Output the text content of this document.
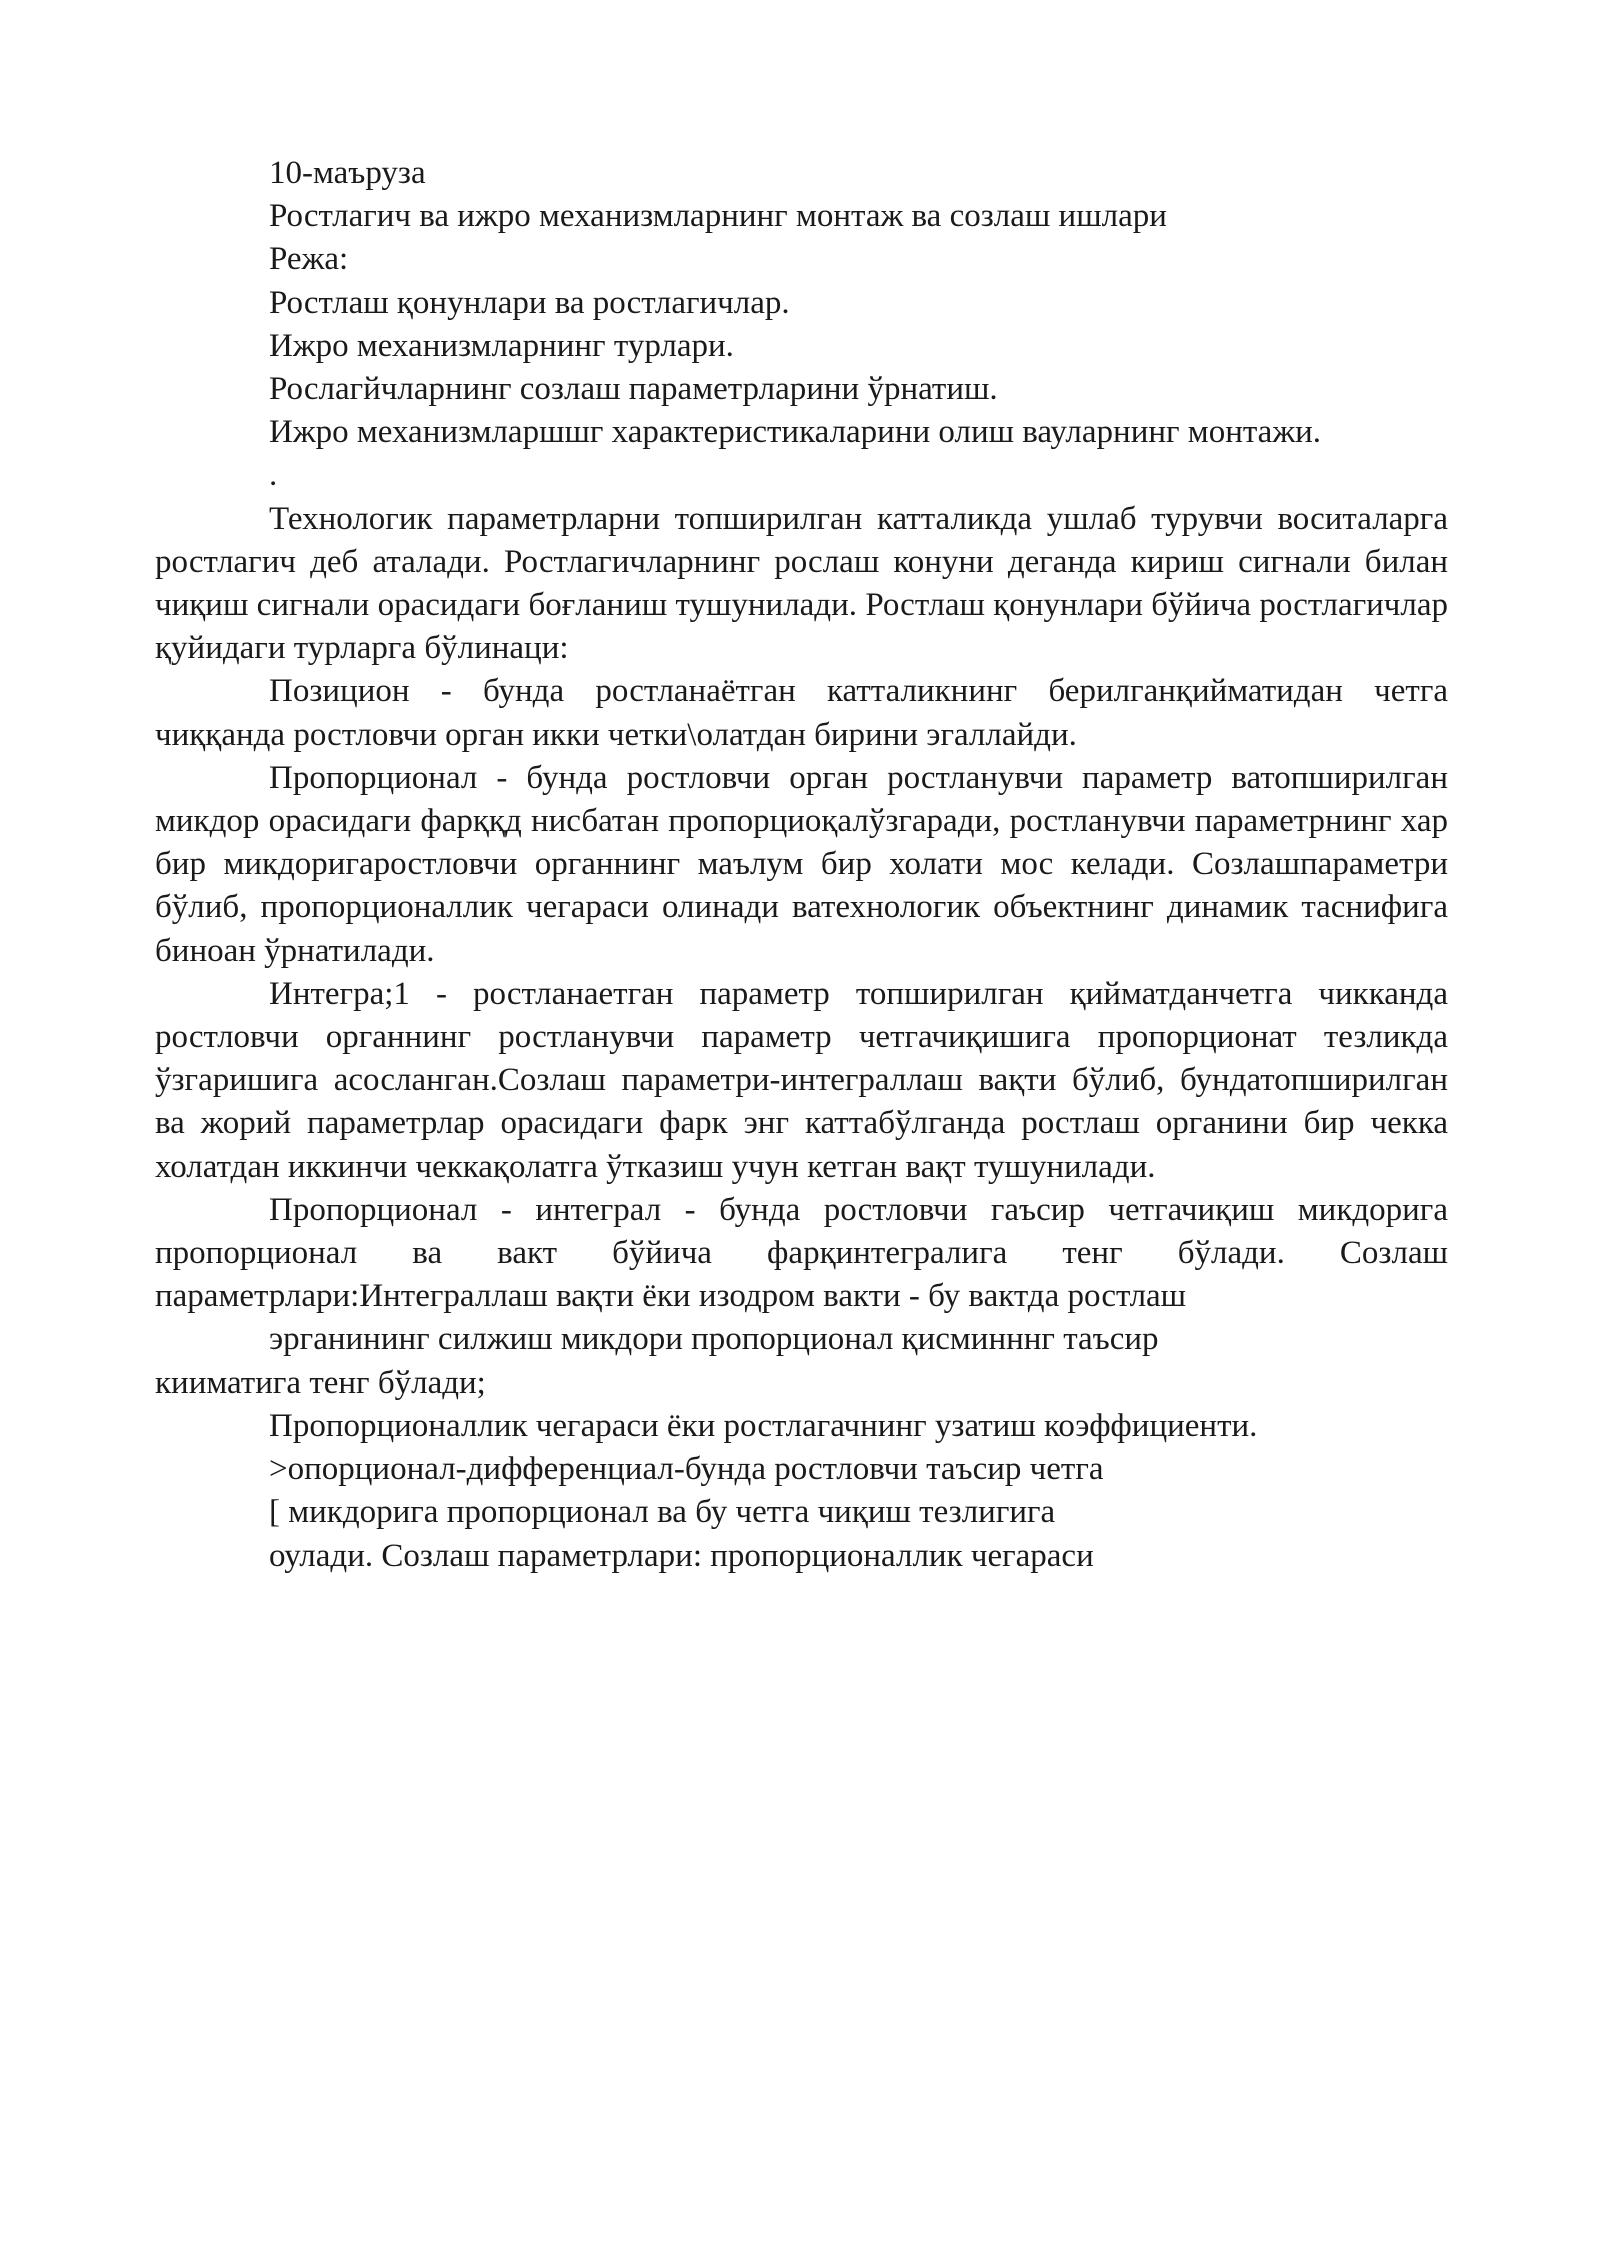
10-маъруза

Ростлагич ва ижро механизмларнинг монтаж ва созлаш ишлари

Режа:

Ростлаш қонунлари ва ростлагичлар.

Ижро механизмларнинг турлари.

Рослагйчларнинг созлаш параметрларини ўрнатиш.

Ижро механизмларшшг характеристикаларини олиш вауларнинг монтажи.

.

Технологик параметрларни топширилган катталикда ушлаб турувчи воситаларга ростлагич деб аталади. Ростлагичларнинг рослаш конуни деганда кириш сигнали билан чиқиш сигнали орасидаги боғланиш тушунилади. Ростлаш қонунлари бўйича ростлагичлар қуйидаги турларга бўлинаци:

Позицион - бунда ростланаётган катталикнинг берилганқийматидан четга чиққанда ростловчи орган икки четки\олатдан бирини эгаллайди.

Пропорционал - бунда ростловчи орган ростланувчи параметр ватопширилган микдор орасидаги фарққд нисбатан пропорциоқалўзгаради, ростланувчи параметрнинг хар бир микдоригаростловчи органнинг маълум бир холати мос келади. Созлашпараметри бўлиб, пропорционаллик чегараси олинади ватехнологик объектнинг динамик таснифига биноан ўрнатилади.

Интегра;1 - ростланаетган параметр топширилган қийматданчетга чикканда ростловчи органнинг ростланувчи параметр четгачиқишига пропорционат тезликда ўзгаришига асосланган.Созлаш параметри-интеграллаш вақти бўлиб, бундатопширилган ва жорий параметрлар орасидаги фарк энг каттабўлганда ростлаш органини бир чекка холатдан иккинчи чеккақолатга ўтказиш учун кетган вақт тушунилади.

Пропорционал - интеграл - бунда ростловчи гаъсир четгачиқиш микдорига пропорционал ва вакт бўйича фарқинтегралига тенг бўлади. Созлаш параметрлари:Интеграллаш вақти ёки изодром вакти - бу вактда ростлаш

эрганининг силжиш микдори пропорционал қисминннг таъсир

кииматига тенг бўлади;

Пропорционаллик чегараси ёки ростлагачнинг узатиш коэффициенти.

>опорционал-дифференциал-бунда ростловчи таъсир четга

[ микдорига пропорционал ва бу четга чиқиш тезлигига

оулади. Созлаш параметрлари: пропорционаллик чегараси
